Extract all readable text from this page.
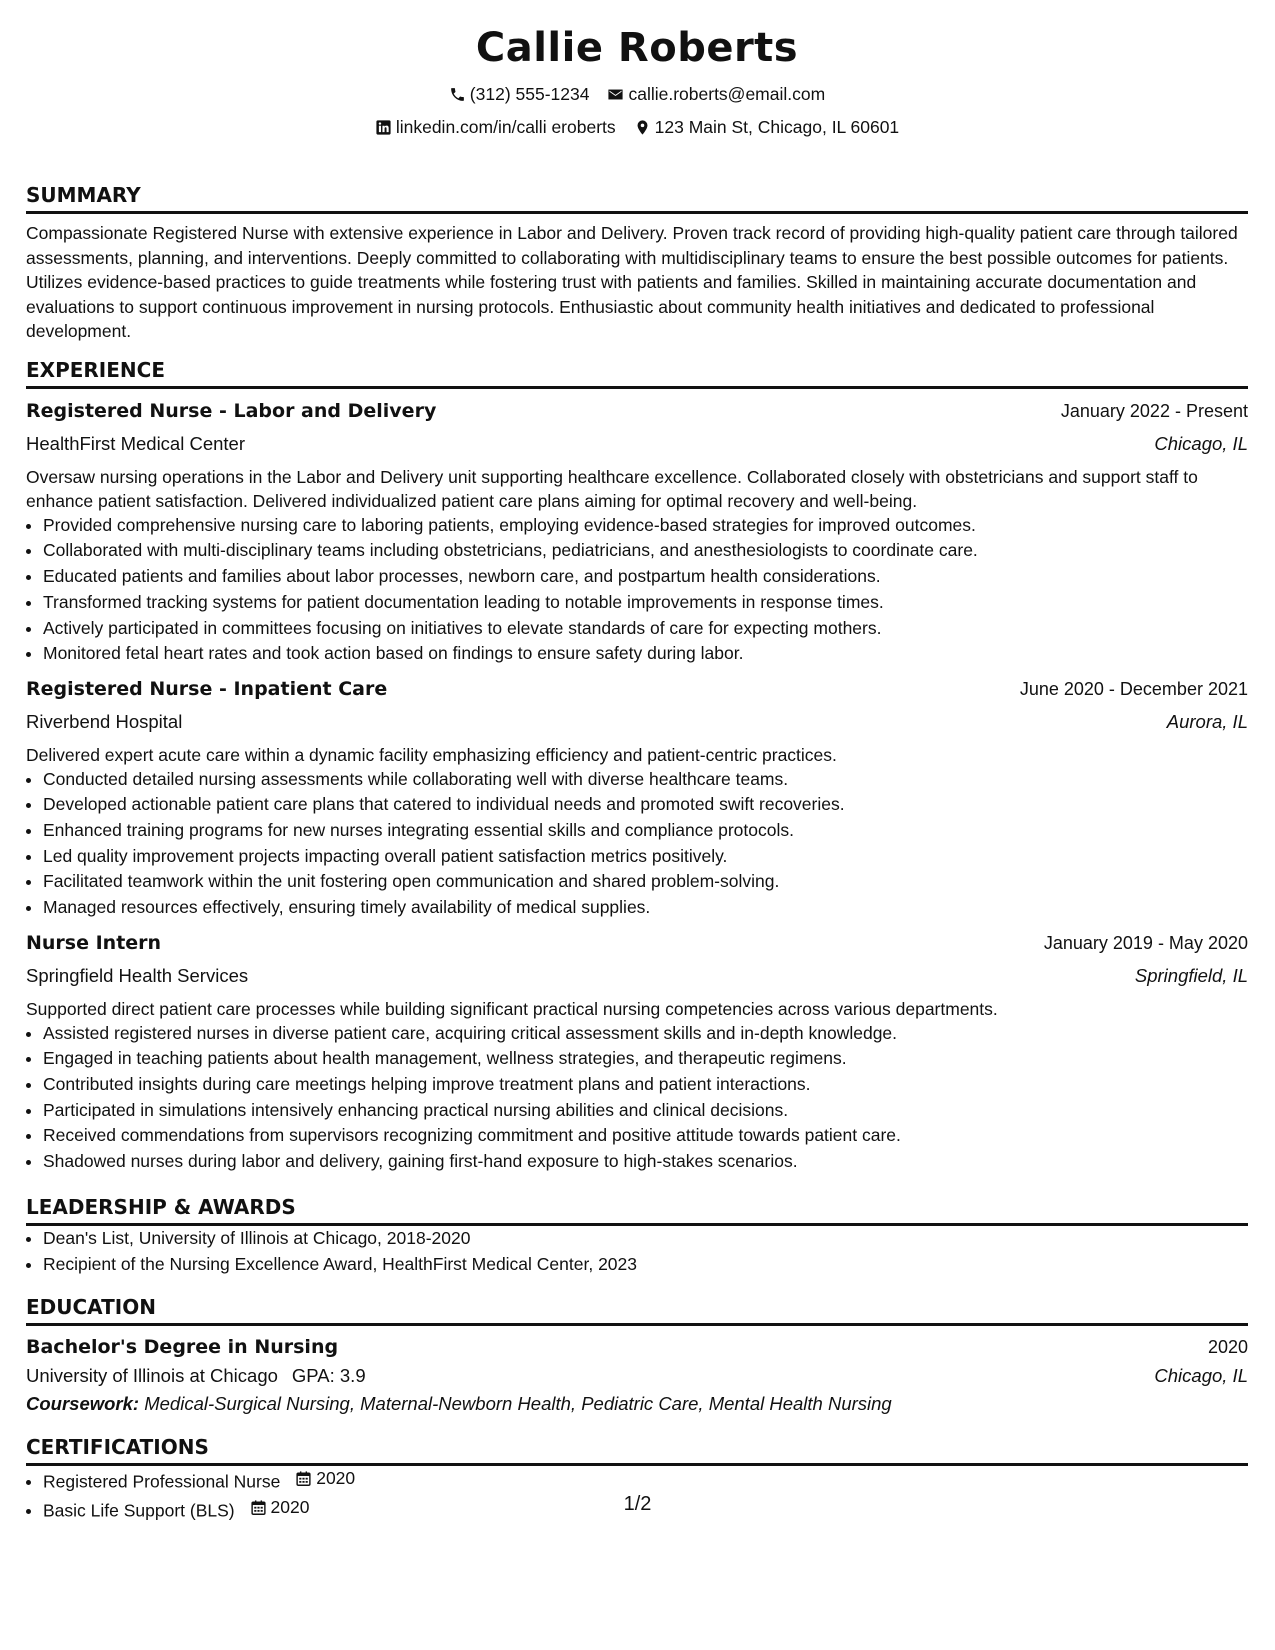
Callie Roberts
(312) 555-1234 callie.roberts@email.com
linkedin.com/in/calli eroberts 123 Main St, Chicago, IL 60601
SUMMARY
Compassionate Registered Nurse with extensive experience in Labor and Delivery. Proven track record of providing high-quality patient care through tailored assessments, planning, and interventions. Deeply committed to collaborating with multidisciplinary teams to ensure the best possible outcomes for patients. Utilizes evidence-based practices to guide treatments while fostering trust with patients and families. Skilled in maintaining accurate documentation and evaluations to support continuous improvement in nursing protocols. Enthusiastic about community health initiatives and dedicated to professional development.
EXPERIENCE
Registered Nurse - Labor and Delivery	January 2022 - Present
HealthFirst Medical Center	Chicago, IL
Oversaw nursing operations in the Labor and Delivery unit supporting healthcare excellence. Collaborated closely with obstetricians and support staff to enhance patient satisfaction. Delivered individualized patient care plans aiming for optimal recovery and well-being.
• Provided comprehensive nursing care to laboring patients, employing evidence-based strategies for improved outcomes.
• Collaborated with multi-disciplinary teams including obstetricians, pediatricians, and anesthesiologists to coordinate care.
• Educated patients and families about labor processes, newborn care, and postpartum health considerations.
• Transformed tracking systems for patient documentation leading to notable improvements in response times.
• Actively participated in committees focusing on initiatives to elevate standards of care for expecting mothers.
• Monitored fetal heart rates and took action based on findings to ensure safety during labor.
Registered Nurse - Inpatient Care	June 2020 - December 2021
Riverbend Hospital	Aurora, IL
Delivered expert acute care within a dynamic facility emphasizing efficiency and patient-centric practices.
• Conducted detailed nursing assessments while collaborating well with diverse healthcare teams.
• Developed actionable patient care plans that catered to individual needs and promoted swift recoveries.
• Enhanced training programs for new nurses integrating essential skills and compliance protocols.
• Led quality improvement projects impacting overall patient satisfaction metrics positively.
• Facilitated teamwork within the unit fostering open communication and shared problem-solving.
• Managed resources effectively, ensuring timely availability of medical supplies.
Nurse Intern	January 2019 - May 2020
Springfield Health Services	Springfield, IL
Supported direct patient care processes while building significant practical nursing competencies across various departments.
• Assisted registered nurses in diverse patient care, acquiring critical assessment skills and in-depth knowledge.
• Engaged in teaching patients about health management, wellness strategies, and therapeutic regimens.
• Contributed insights during care meetings helping improve treatment plans and patient interactions.
• Participated in simulations intensively enhancing practical nursing abilities and clinical decisions.
• Received commendations from supervisors recognizing commitment and positive attitude towards patient care.
• Shadowed nurses during labor and delivery, gaining first-hand exposure to high-stakes scenarios.
LEADERSHIP & AWARDS
• Dean's List, University of Illinois at Chicago, 2018-2020
• Recipient of the Nursing Excellence Award, HealthFirst Medical Center, 2023
EDUCATION
Bachelor's Degree in Nursing	2020
University of Illinois at Chicago GPA: 3.9	Chicago, IL
Coursework: Medical-Surgical Nursing, Maternal-Newborn Health, Pediatric Care, Mental Health Nursing
CERTIFICATIONS
• Registered Professional Nurse 2020
• Basic Life Support (BLS) 2020	1/2
